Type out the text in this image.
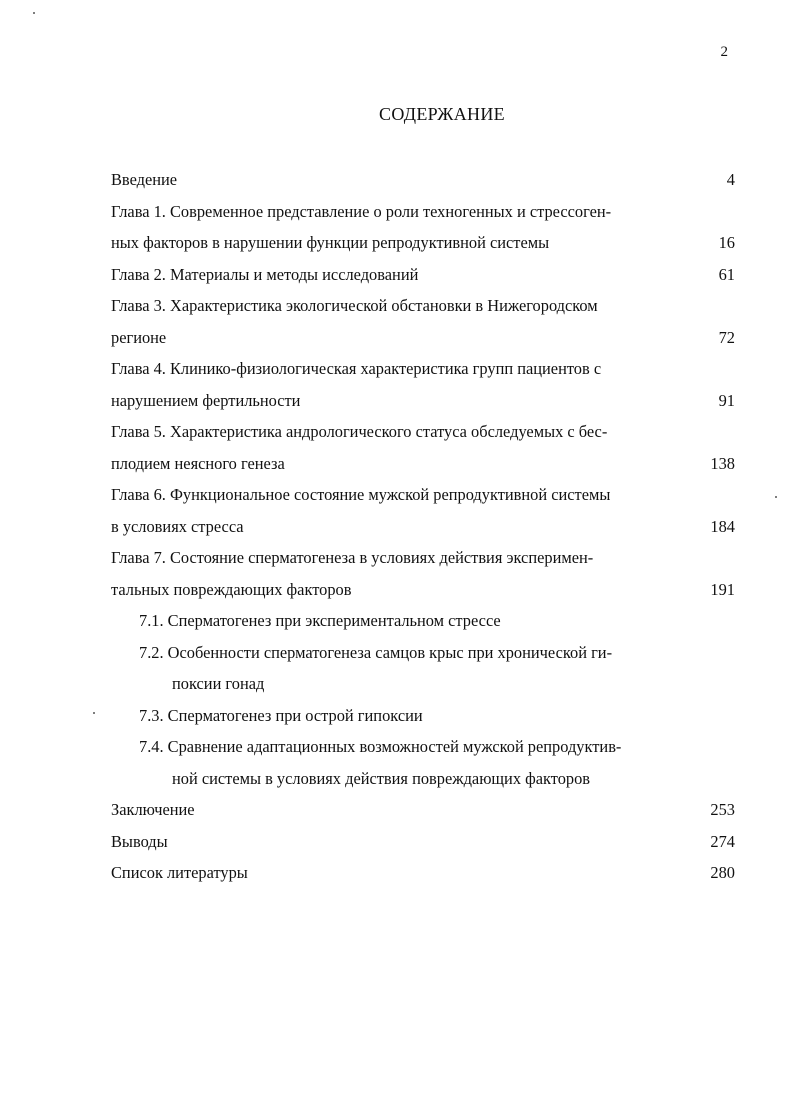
2
СОДЕРЖАНИЕ
Введение	4
Глава 1. Современное представление о роли техногенных и стрессоген-
ных факторов в нарушении функции репродуктивной системы	16
Глава 2. Материалы и методы исследований	61
Глава 3. Характеристика экологической обстановки в Нижегородском
регионе	72
Глава 4. Клинико-физиологическая характеристика групп пациентов с
нарушением фертильности	91
Глава 5. Характеристика андрологического статуса обследуемых с бес-
плодием неясного генеза	138
Глава 6. Функциональное состояние мужской репродуктивной системы
в условиях стресса	184
Глава 7. Состояние сперматогенеза в условиях действия эксперимен-
тальных повреждающих факторов	191
7.1. Сперматогенез при экспериментальном стрессе
7.2. Особенности сперматогенеза самцов крыс при хронической ги-
поксии гонад
7.3. Сперматогенез при острой гипоксии
7.4. Сравнение адаптационных возможностей мужской репродуктив-
ной системы в условиях действия повреждающих факторов
Заключение	253
Выводы	274
Список литературы	280
